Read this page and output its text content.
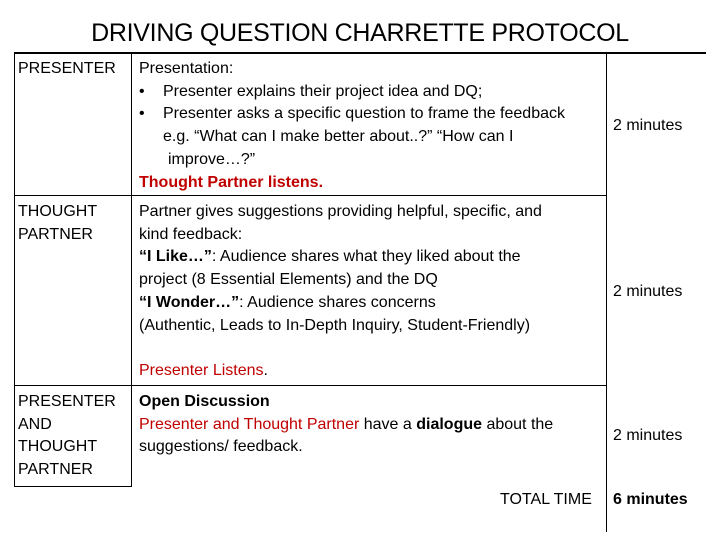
DRIVING QUESTION CHARRETTE PROTOCOL
PRESENTER Presentation:
• Presenter explains their project idea and DQ;
• Presenter asks a specific question to frame the feedback
e.g. “What can I make better about..?” “How can I
improve…?”
Thought Partner listens.
2 minutes
THOUGHT
PARTNER
Partner gives suggestions providing helpful, specific, and
kind feedback:
“I Like…”: Audience shares what they liked about the
project (8 Essential Elements) and the DQ
“I Wonder…”: Audience shares concerns
(Authentic, Leads to In-Depth Inquiry, Student-Friendly)
Presenter Listens.
2 minutes
PRESENTER
AND
THOUGHT
PARTNER
Open Discussion
Presenter and Thought Partner have a dialogue about the
suggestions/ feedback.
2 minutes
TOTAL TIME 6 minutes
